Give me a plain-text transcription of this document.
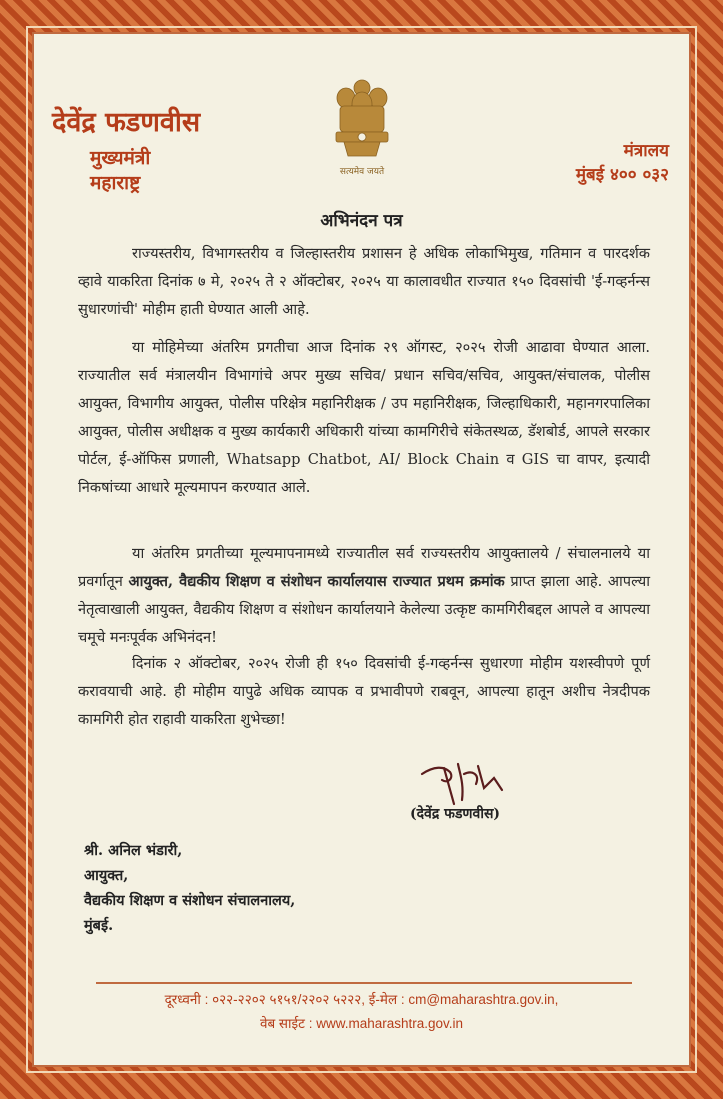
देवेंद्र फडणवीस
मुख्यमंत्री
महाराष्ट्र	सत्यमेव जयते
मंत्रालय
मुंबई ४०० ०३२
अभिनंदन पत्र
राज्यस्तरीय, विभागस्तरीय व जिल्हास्तरीय प्रशासन हे अधिक लोकाभिमुख, गतिमान व पारदर्शक व्हावे याकरिता दिनांक ७ मे, २०२५ ते २ ऑक्टोबर, २०२५ या कालावधीत राज्यात १५० दिवसांची 'ई-गव्हर्नन्स सुधारणांची' मोहीम हाती घेण्यात आली आहे.
या मोहिमेच्या अंतरिम प्रगतीचा आज दिनांक २९ ऑगस्ट, २०२५ रोजी आढावा घेण्यात आला. राज्यातील सर्व मंत्रालयीन विभागांचे अपर मुख्य सचिव/ प्रधान सचिव/सचिव, आयुक्त/संचालक, पोलीस आयुक्त, विभागीय आयुक्त, पोलीस परिक्षेत्र महानिरीक्षक / उप महानिरीक्षक, जिल्हाधिकारी, महानगरपालिका आयुक्त, पोलीस अधीक्षक व मुख्य कार्यकारी अधिकारी यांच्या कामगिरीचे संकेतस्थळ, डॅशबोर्ड, आपले सरकार पोर्टल, ई-ऑफिस प्रणाली, Whatsapp Chatbot, AI/ Block Chain व GIS चा वापर, इत्यादी निकषांच्या आधारे मूल्यमापन करण्यात आले.
या अंतरिम प्रगतीच्या मूल्यमापनामध्ये राज्यातील सर्व राज्यस्तरीय आयुक्तालये / संचालनालये या प्रवर्गातून आयुक्त, वैद्यकीय शिक्षण व संशोधन कार्यालयास राज्यात प्रथम क्रमांक प्राप्त झाला आहे. आपल्या नेतृत्वाखाली आयुक्त, वैद्यकीय शिक्षण व संशोधन कार्यालयाने केलेल्या उत्कृष्ट कामगिरीबद्दल आपले व आपल्या चमूचे मनःपूर्वक अभिनंदन!
दिनांक २ ऑक्टोबर, २०२५ रोजी ही १५० दिवसांची ई-गव्हर्नन्स सुधारणा मोहीम यशस्वीपणे पूर्ण करावयाची आहे. ही मोहीम यापुढे अधिक व्यापक व प्रभावीपणे राबवून, आपल्या हातून अशीच नेत्रदीपक कामगिरी होत राहावी याकरिता शुभेच्छा!
(देवेंद्र फडणवीस)
श्री. अनिल भंडारी,
आयुक्त,
वैद्यकीय शिक्षण व संशोधन संचालनालय,
मुंबई.
दूरध्वनी : ०२२-२२०२ ५१५१/२२०२ ५२२२, ई-मेल : cm@maharashtra.gov.in,
वेब साईट : www.maharashtra.gov.in
